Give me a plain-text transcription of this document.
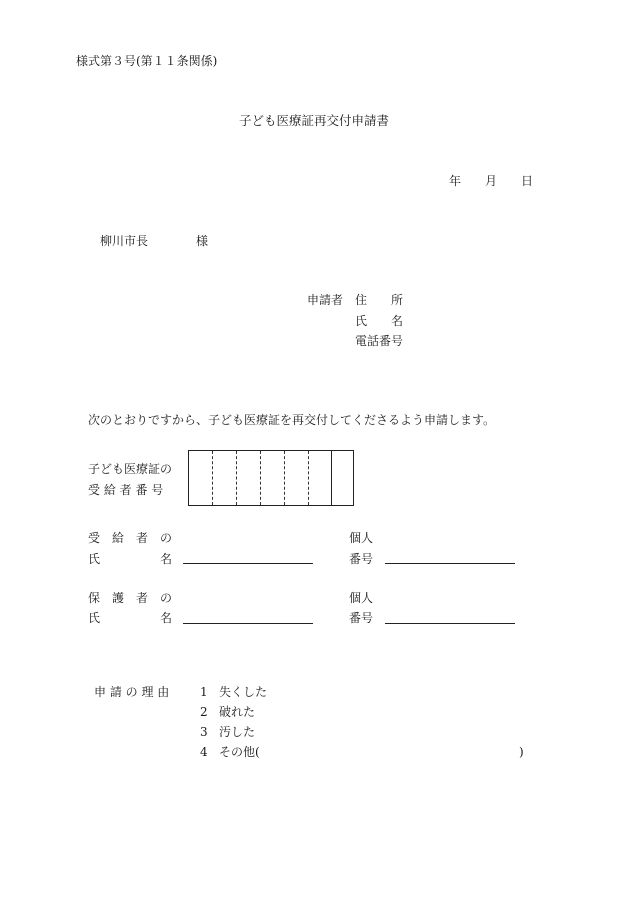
様式第３号(第１１条関係)
子ども医療証再交付申請書
年 月 日
柳川市長	様
申請者 住　　所
氏　　名
電話番号
次のとおりですから、子ども医療証を再交付してくださるよう申請します。
子ども医療証の
受 給 者 番 号
受　給　者　の
氏　　　　　名
個人
番号
保　護　者　の
氏　　　　　名
個人
番号
申 請 の 理 由	1 失くした
2 破れた
3 汚した
4 その他(	)
